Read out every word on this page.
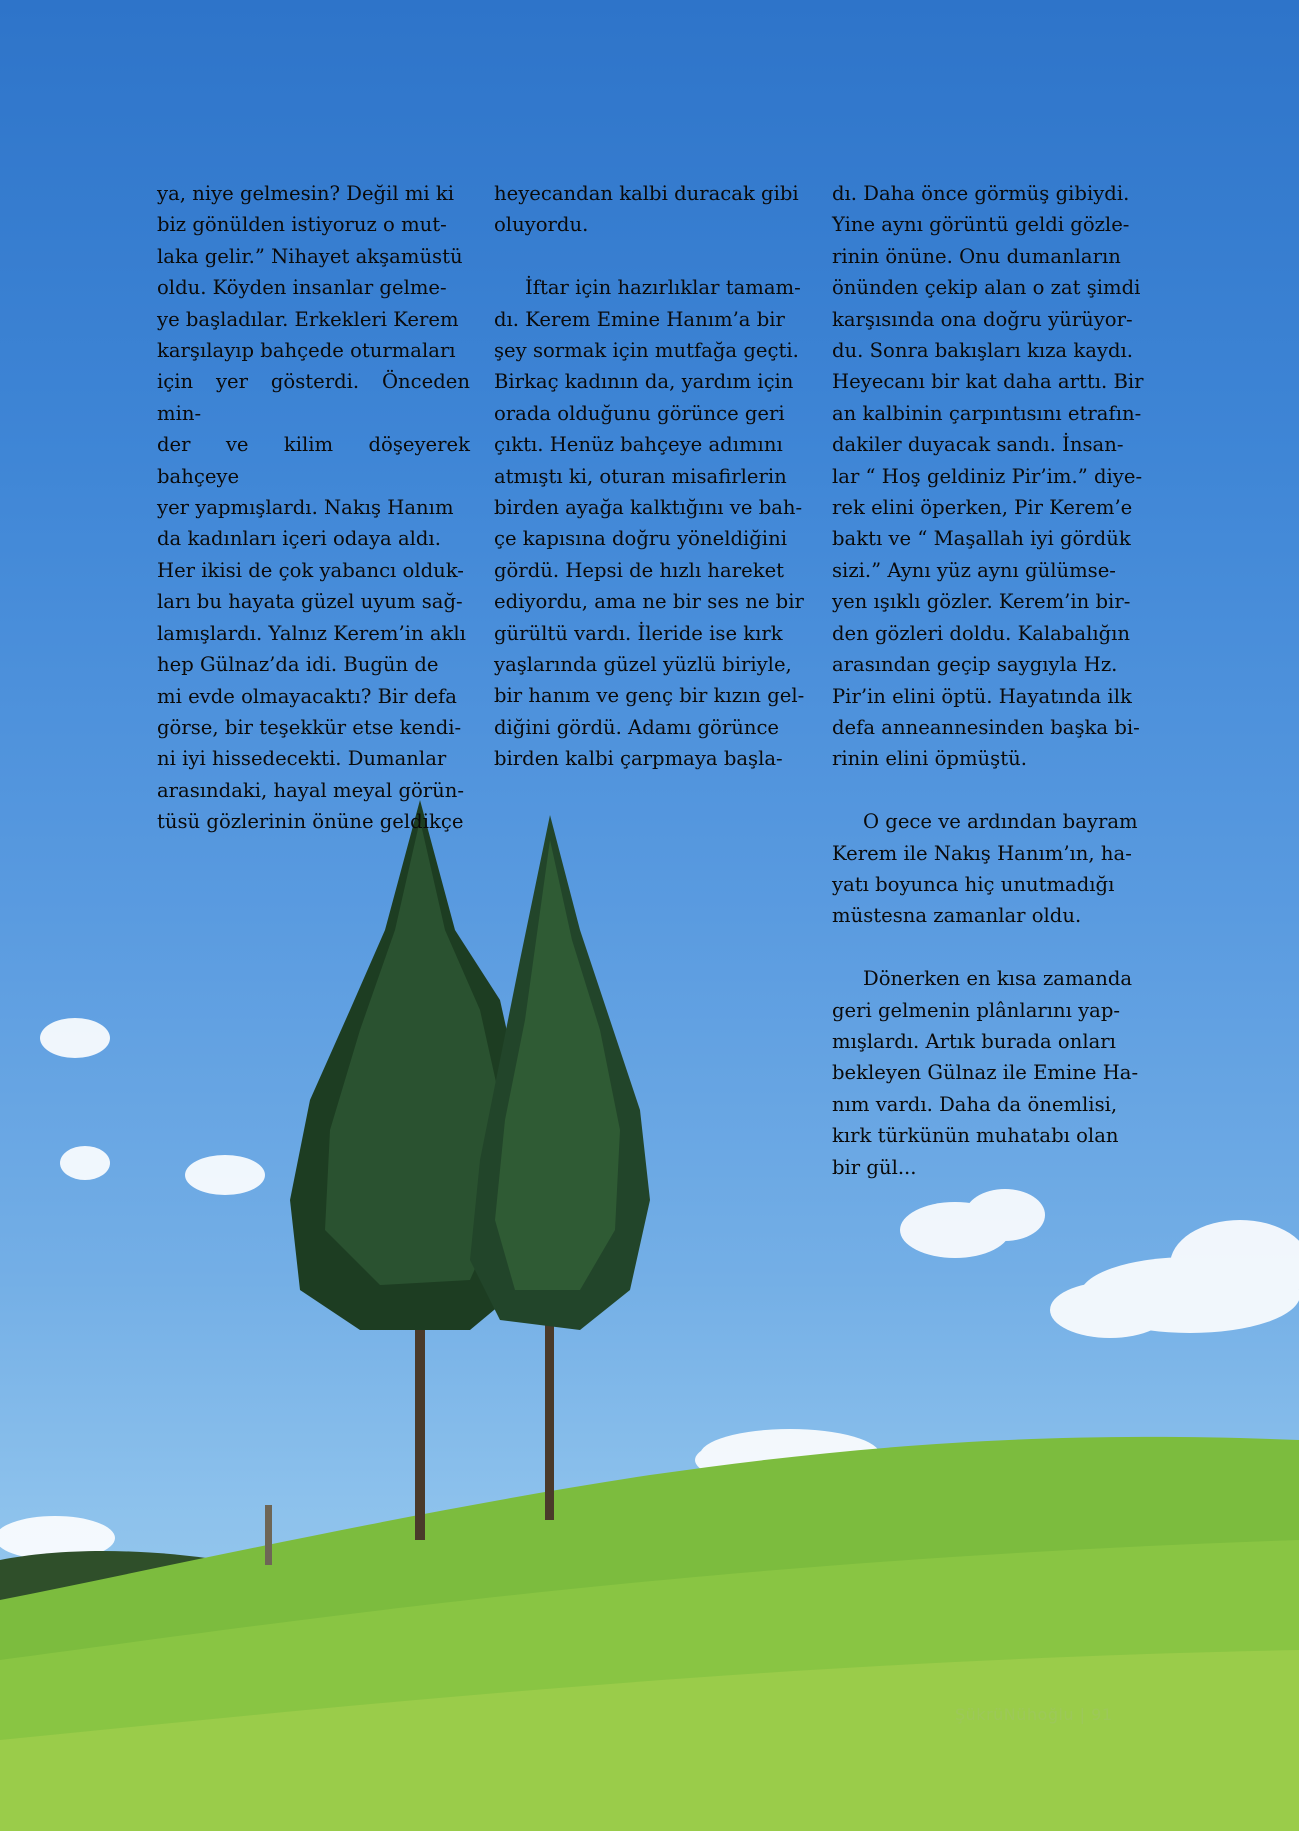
ya, niye gelmesin? Değil mi ki
biz gönülden istiyoruz o mut-
laka gelir.” Nihayet akşamüstü
oldu. Köyden insanlar gelme-
ye başladılar. Erkekleri Kerem
karşılayıp bahçede oturmaları
için yer gösterdi. Önceden min-
der ve kilim döşeyerek bahçeye
yer yapmışlardı. Nakış Hanım
da kadınları içeri odaya aldı.
Her ikisi de çok yabancı olduk-
ları bu hayata güzel uyum sağ-
lamışlardı. Yalnız Kerem’in aklı
hep Gülnaz’da idi. Bugün de
mi evde olmayacaktı? Bir defa
görse, bir teşekkür etse kendi-
ni iyi hissedecekti. Dumanlar
arasındaki, hayal meyal görün-
tüsü gözlerinin önüne geldikçe

heyecandan kalbi duracak gibi
oluyordu.

İftar için hazırlıklar tamam-
dı. Kerem Emine Hanım’a bir
şey sormak için mutfağa geçti.
Birkaç kadının da, yardım için
orada olduğunu görünce geri
çıktı. Henüz bahçeye adımını
atmıştı ki, oturan misafirlerin
birden ayağa kalktığını ve bah-
çe kapısına doğru yöneldiğini
gördü. Hepsi de hızlı hareket
ediyordu, ama ne bir ses ne bir
gürültü vardı. İleride ise kırk
yaşlarında güzel yüzlü biriyle,
bir hanım ve genç bir kızın gel-
diğini gördü. Adamı görünce
birden kalbi çarpmaya başla-

dı. Daha önce görmüş gibiydi.
Yine aynı görüntü geldi gözle-
rinin önüne. Onu dumanların
önünden çekip alan o zat şimdi
karşısında ona doğru yürüyor-
du. Sonra bakışları kıza kaydı.
Heyecanı bir kat daha arttı. Bir
an kalbinin çarpıntısını etrafın-
dakiler duyacak sandı. İnsan-
lar “ Hoş geldiniz Pir’im.” diye-
rek elini öperken, Pir Kerem’e
baktı ve “ Maşallah iyi gördük
sizi.” Aynı yüz aynı gülümse-
yen ışıklı gözler. Kerem’in bir-
den gözleri doldu. Kalabalığın
arasından geçip saygıyla Hz.
Pir’in elini öptü. Hayatında ilk
defa anneannesinden başka bi-
rinin elini öpmüştü.

O gece ve ardından bayram
Kerem ile Nakış Hanım’ın, ha-
yatı boyunca hiç unutmadığı
müstesna zamanlar oldu.

Dönerken en kısa zamanda
geri gelmenin plânlarını yap-
mışlardı. Artık burada onları
bekleyen Gülnaz ile Emine Ha-
nım vardı. Daha da önemlisi,
kırk türkünün muhatabı olan
bir gül...

ŞükrüNühoğlu | 91
